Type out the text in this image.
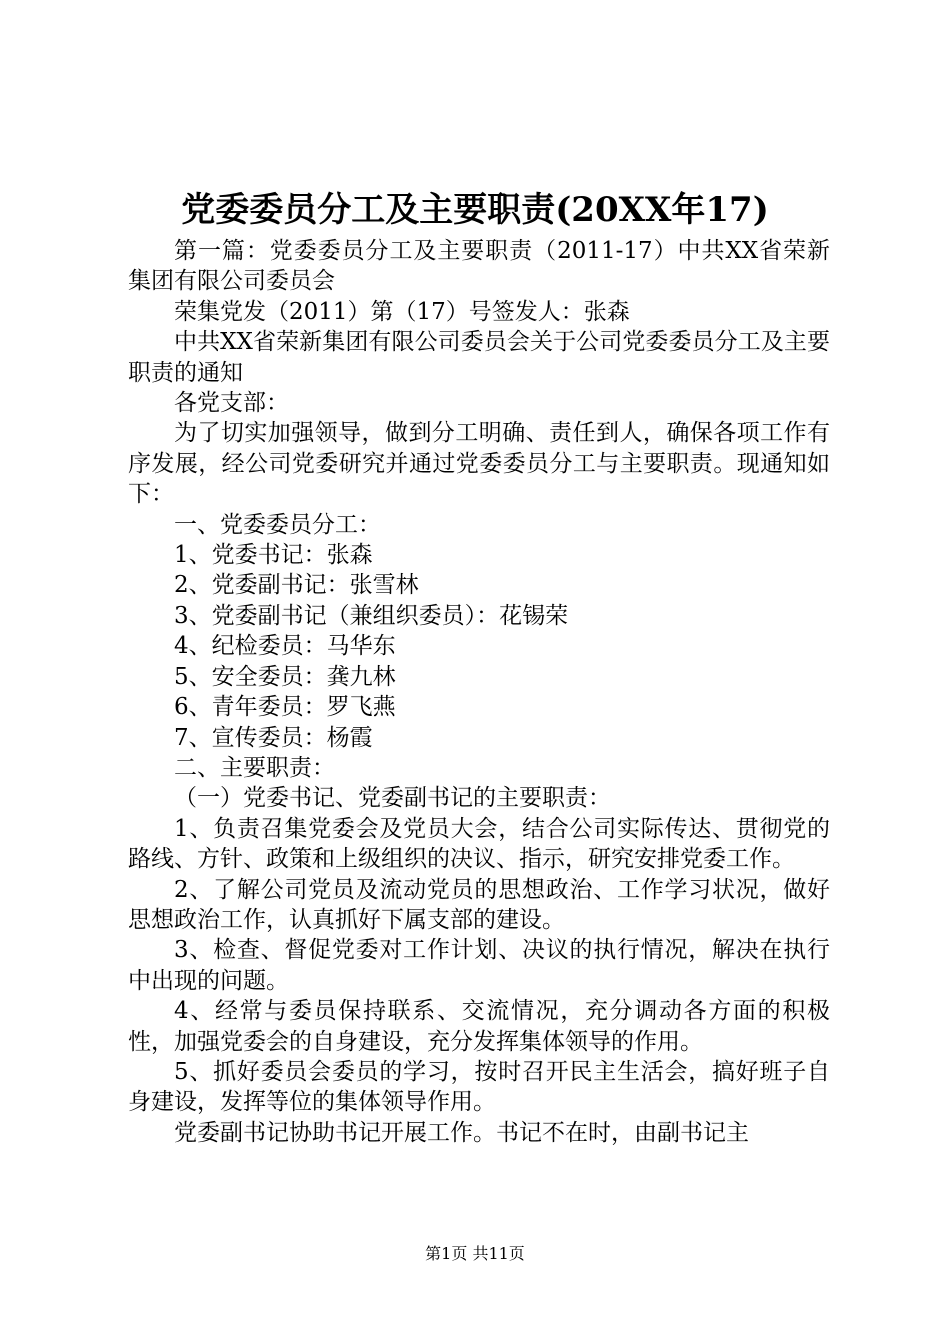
党委委员分工及主要职责(20XX年17)

第一篇：党委委员分工及主要职责（2011-17）中共XX省荣新集团有限公司委员会

荣集党发（2011）第（17）号签发人：张森

中共XX省荣新集团有限公司委员会关于公司党委委员分工及主要职责的通知

各党支部：

为了切实加强领导，做到分工明确、责任到人，确保各项工作有序发展，经公司党委研究并通过党委委员分工与主要职责。现通知如下：

一、党委委员分工：

1、党委书记：张森

2、党委副书记：张雪林

3、党委副书记（兼组织委员）：花锡荣

4、纪检委员：马华东

5、安全委员：龚九林

6、青年委员：罗飞燕

7、宣传委员：杨霞

二、主要职责：

（一）党委书记、党委副书记的主要职责：

1、负责召集党委会及党员大会，结合公司实际传达、贯彻党的路线、方针、政策和上级组织的决议、指示，研究安排党委工作。

2、了解公司党员及流动党员的思想政治、工作学习状况，做好思想政治工作，认真抓好下属支部的建设。

3、检查、督促党委对工作计划、决议的执行情况，解决在执行中出现的问题。

4、经常与委员保持联系、交流情况，充分调动各方面的积极性，加强党委会的自身建设，充分发挥集体领导的作用。

5、抓好委员会委员的学习，按时召开民主生活会，搞好班子自身建设，发挥等位的集体领导作用。

党委副书记协助书记开展工作。书记不在时，由副书记主

第1页 共11页
